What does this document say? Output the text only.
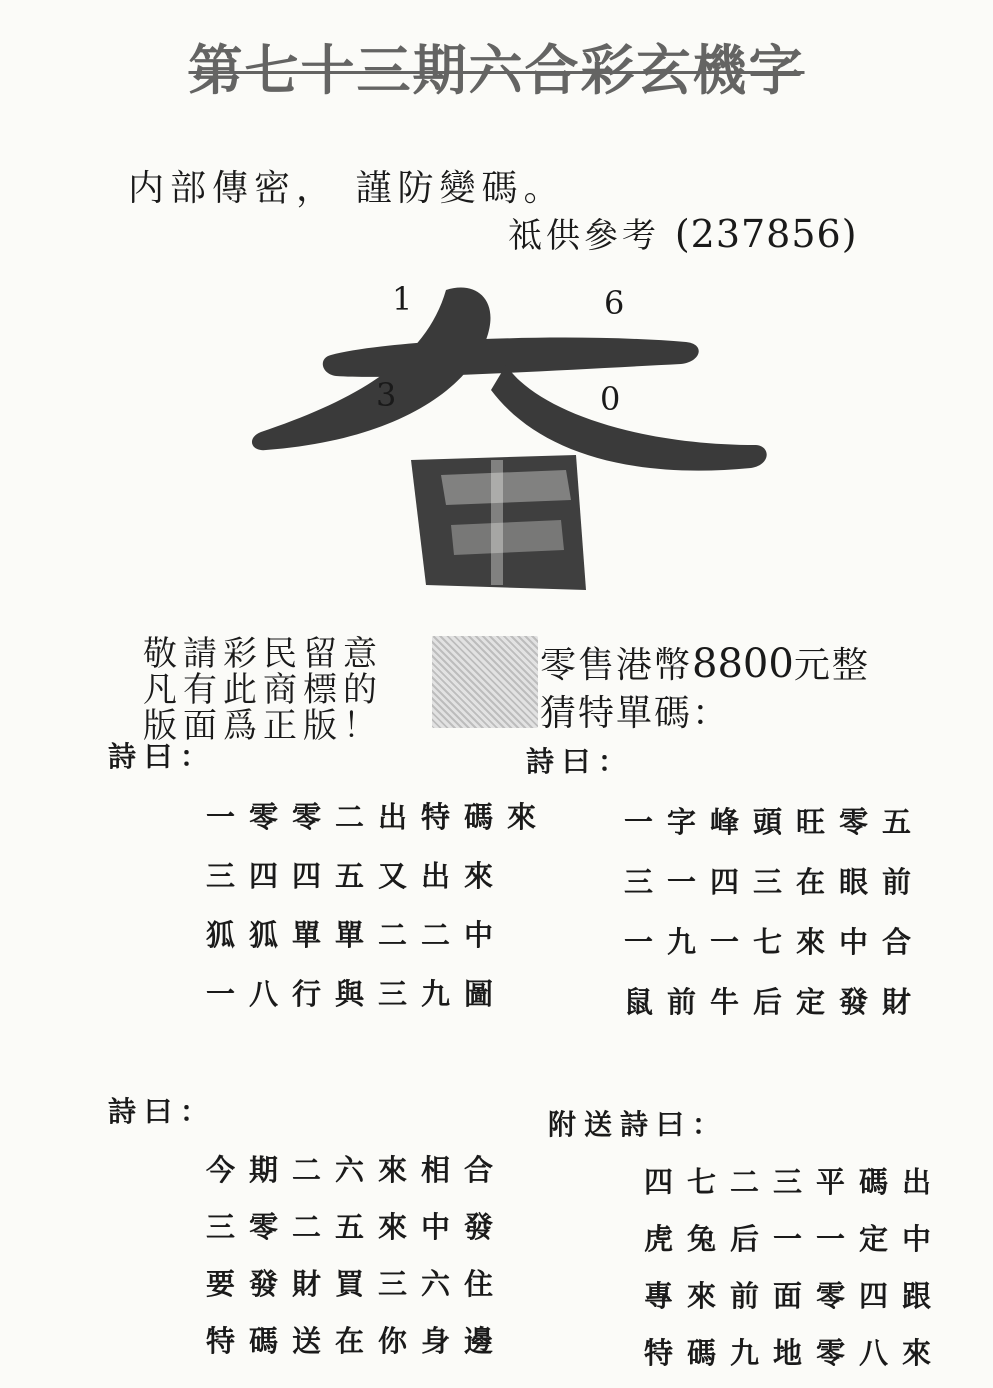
第七十三期六合彩玄機字
内部傳密， 謹防變碼。
祗供參考 (237856)
1	6
3	0
敬請彩民留意
凡有此商標的
版面爲正版！
零售港幣8800元整
猜特單碼：
詩曰：
一零零二出特碼來
三四四五又出來
狐狐單單二二中
一八行與三九圖
詩曰：
一字峰頭旺零五
三一四三在眼前
一九一七來中合
鼠前牛后定發財
詩曰：
今期二六來相合
三零二五來中發
要發財買三六住
特碼送在你身邊
附送詩曰：
四七二三平碼出
虎兔后一一定中
專來前面零四跟
特碼九地零八來
